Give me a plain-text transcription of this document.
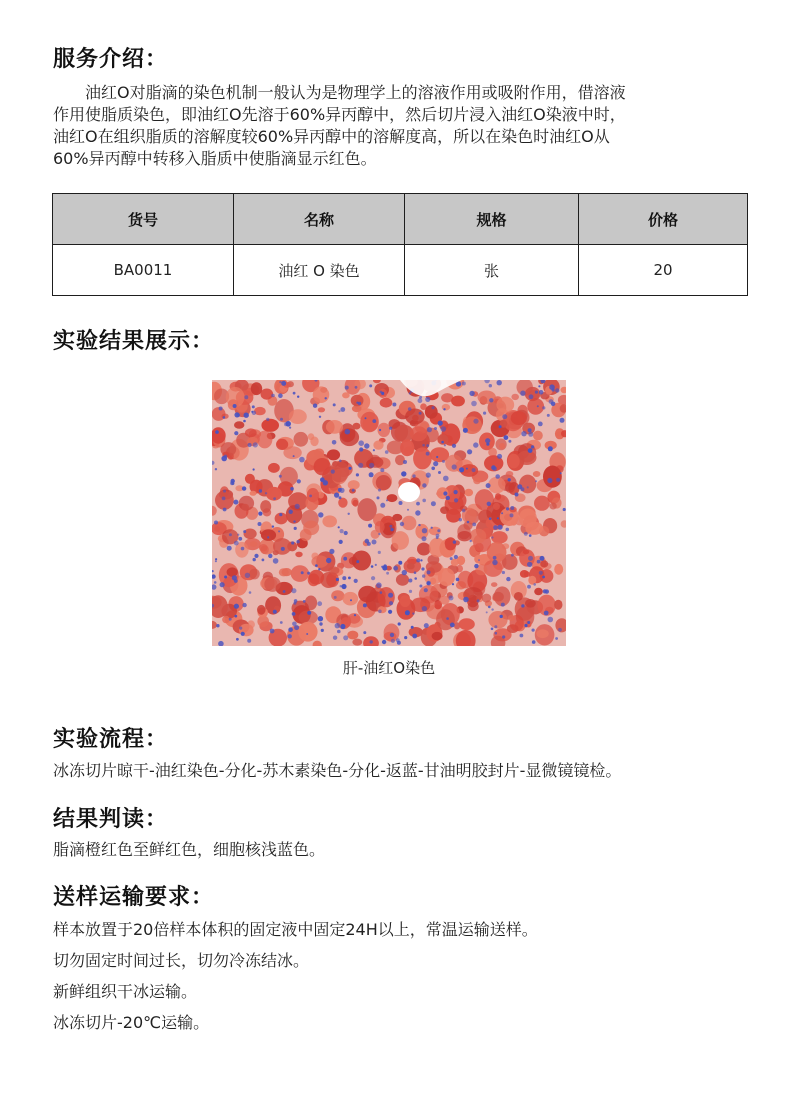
服务介绍：
油红O对脂滴的染色机制一般认为是物理学上的溶液作用或吸附作用，借溶液
作用使脂质染色，即油红O先溶于60%异丙醇中，然后切片浸入油红O染液中时，
油红O在组织脂质的溶解度较60%异丙醇中的溶解度高，所以在染色时油红O从
60%异丙醇中转移入脂质中使脂滴显示红色。
货号	名称	规格	价格
BA0011	油红 O 染色	张	20
实验结果展示：
肝-油红O染色
实验流程：

冰冻切片晾干-油红染色-分化-苏木素染色-分化-返蓝-甘油明胶封片-显微镜镜检。

结果判读：

脂滴橙红色至鲜红色，细胞核浅蓝色。

送样运输要求：
样本放置于20倍样本体积的固定液中固定24H以上，常温运输送样。
切勿固定时间过长，切勿冷冻结冰。
新鲜组织干冰运输。
冰冻切片-20℃运输。
